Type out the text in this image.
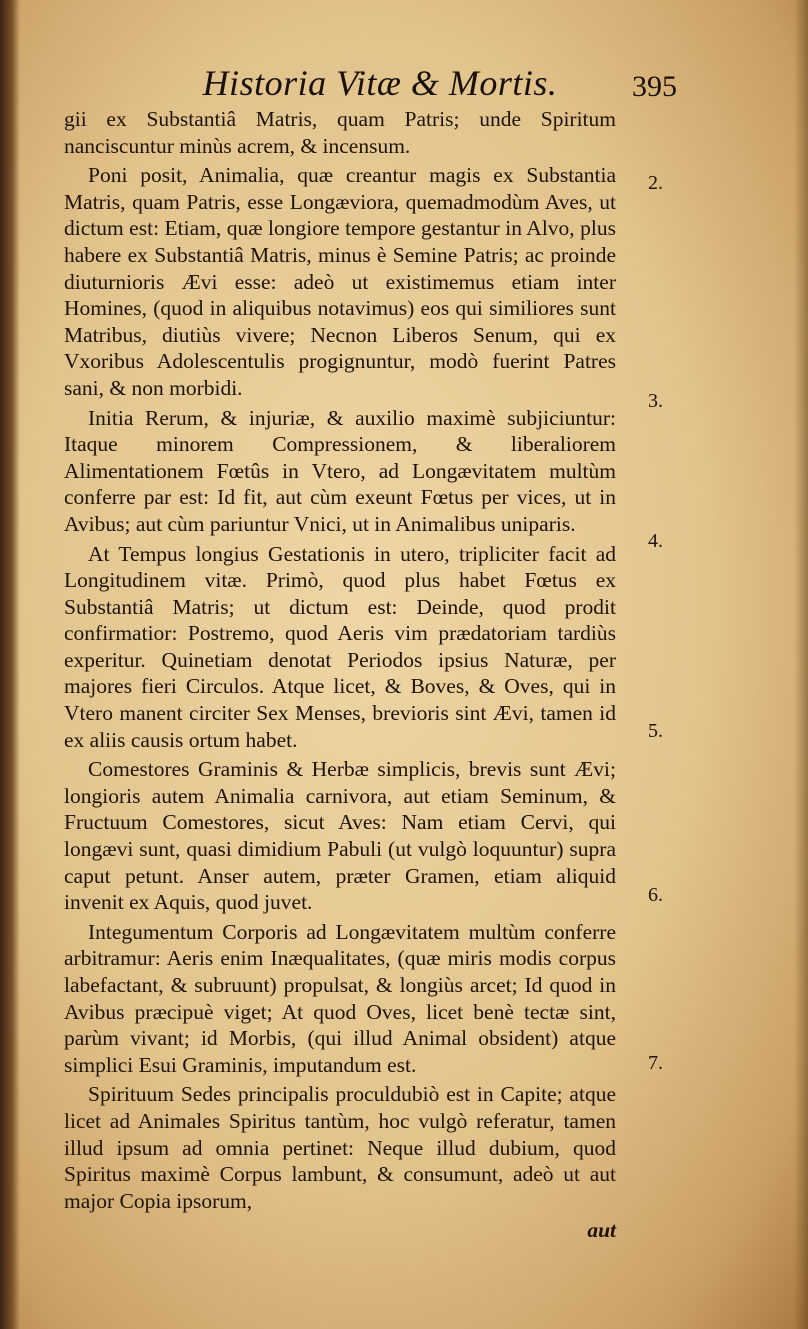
Historia Vitæ & Mortis.	395

gii ex Substantiâ Matris, quam Patris; unde Spiritum nanciscuntur minùs acrem, & incensum.

Poni posit, Animalia, quæ creantur magis ex Substantia Matris, quam Patris, esse Longæviora, quemadmodùm Aves, ut dictum est: Etiam, quæ longiore tempore gestantur in Alvo, plus habere ex Substantiâ Matris, minus è Semine Patris; ac proinde diuturnioris Ævi esse: adeò ut existimemus etiam inter Homines, (quod in aliquibus notavimus) eos qui similiores sunt Matribus, diutiùs vivere; Necnon Liberos Senum, qui ex Vxoribus Adolescentulis progignuntur, modò fuerint Patres sani, & non morbidi.

Initia Rerum, & injuriæ, & auxilio maximè subjiciuntur: Itaque minorem Compressionem, & liberaliorem Alimentationem Fœtûs in Vtero, ad Longævitatem multùm conferre par est: Id fit, aut cùm exeunt Fœtus per vices, ut in Avibus; aut cùm pariuntur Vnici, ut in Animalibus uniparis.

At Tempus longius Gestationis in utero, tripliciter facit ad Longitudinem vitæ. Primò, quod plus habet Fœtus ex Substantiâ Matris; ut dictum est: Deinde, quod prodit confirmatior: Postremo, quod Aeris vim prædatoriam tardiùs experitur. Quinetiam denotat Periodos ipsius Naturæ, per majores fieri Circulos. Atque licet, & Boves, & Oves, qui in Vtero manent circiter Sex Menses, brevioris sint Ævi, tamen id ex aliis causis ortum habet.

Comestores Graminis & Herbæ simplicis, brevis sunt Ævi; longioris autem Animalia carnivora, aut etiam Seminum, & Fructuum Comestores, sicut Aves: Nam etiam Cervi, qui longævi sunt, quasi dimidium Pabuli (ut vulgò loquuntur) supra caput petunt. Anser autem, præter Gramen, etiam aliquid invenit ex Aquis, quod juvet.

Integumentum Corporis ad Longævitatem multùm conferre arbitramur: Aeris enim Inæqualitates, (quæ miris modis corpus labefactant, & subruunt) propulsat, & longiùs arcet; Id quod in Avibus præcipuè viget; At quod Oves, licet benè tectæ sint, parùm vivant; id Morbis, (qui illud Animal obsident) atque simplici Esui Graminis, imputandum est.

Spirituum Sedes principalis proculdubiò est in Capite; atque licet ad Animales Spiritus tantùm, hoc vulgò referatur, tamen illud ipsum ad omnia pertinet: Neque illud dubium, quod Spiritus maximè Corpus lambunt, & consumunt, adeò ut aut major Copia ipsorum,

aut
2.
3.
4.
5.
6.
7.
